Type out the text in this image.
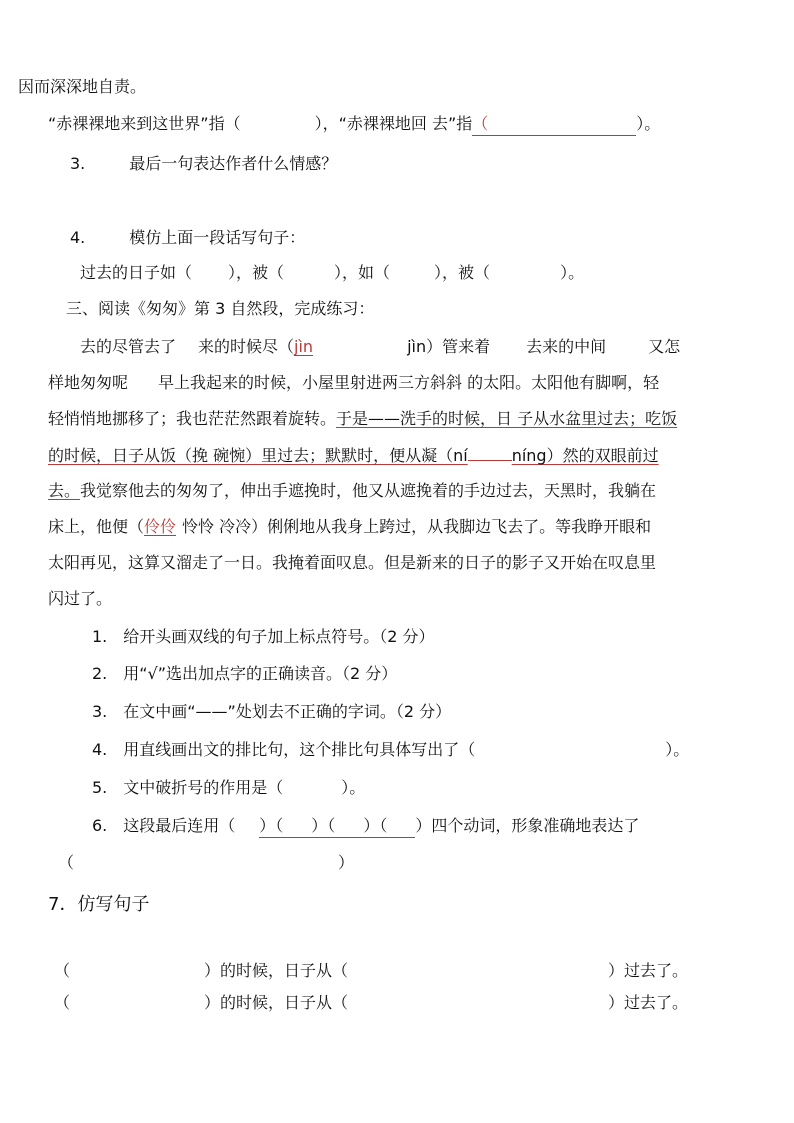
因而深深地自责。
“赤裸裸地来到这世界”指（	），“赤裸裸地回 去”指（	）。
3.	最后一句表达作者什么情感？
4.	模仿上面一段话写句子：
过去的日子如（ ），被（	），如（	），被（	）。
三、阅读《匆匆》第 3 自然段，完成练习：
去的尽管去了 来的时候尽（jìn	jìn）管来着 去来的中间	又怎
样地匆匆呢 早上我起来的时候，小屋里射进两三方斜斜 的太阳。太阳他有脚啊，轻
轻悄悄地挪移了；我也茫茫然跟着旋转。于是——洗手的时候，日 子从水盆里过去；吃饭
的时候，日子从饭（挽 碗惋）里过去；默默时，便从凝（ní	níng）然的双眼前过
去。我觉察他去的匆匆了，伸出手遮挽时，他又从遮挽着的手边过去，天黑时，我躺在
床上，他便（伶伶 怜怜 冷冷）俐俐地从我身上跨过，从我脚边飞去了。等我睁开眼和
太阳再见，这算又溜走了一日。我掩着面叹息。但是新来的日子的影子又开始在叹息里
闪过了。
1. 给开头画双线的句子加上标点符号。（2 分）
2. 用“√”选出加点字的正确读音。（2 分）
3. 在文中画“——”处划去不正确的字词。（2 分）
4. 用直线画出文的排比句，这个排比句具体写出了（	）。
5. 文中破折号的作用是（	）。
6. 这段最后连用（ ）（ ）（ ）（ ）四个动词，形象准确地表达了
（	）
7．仿写句子
（	）的时候，日子从（	）过去了。
（	）的时候，日子从（	）过去了。
